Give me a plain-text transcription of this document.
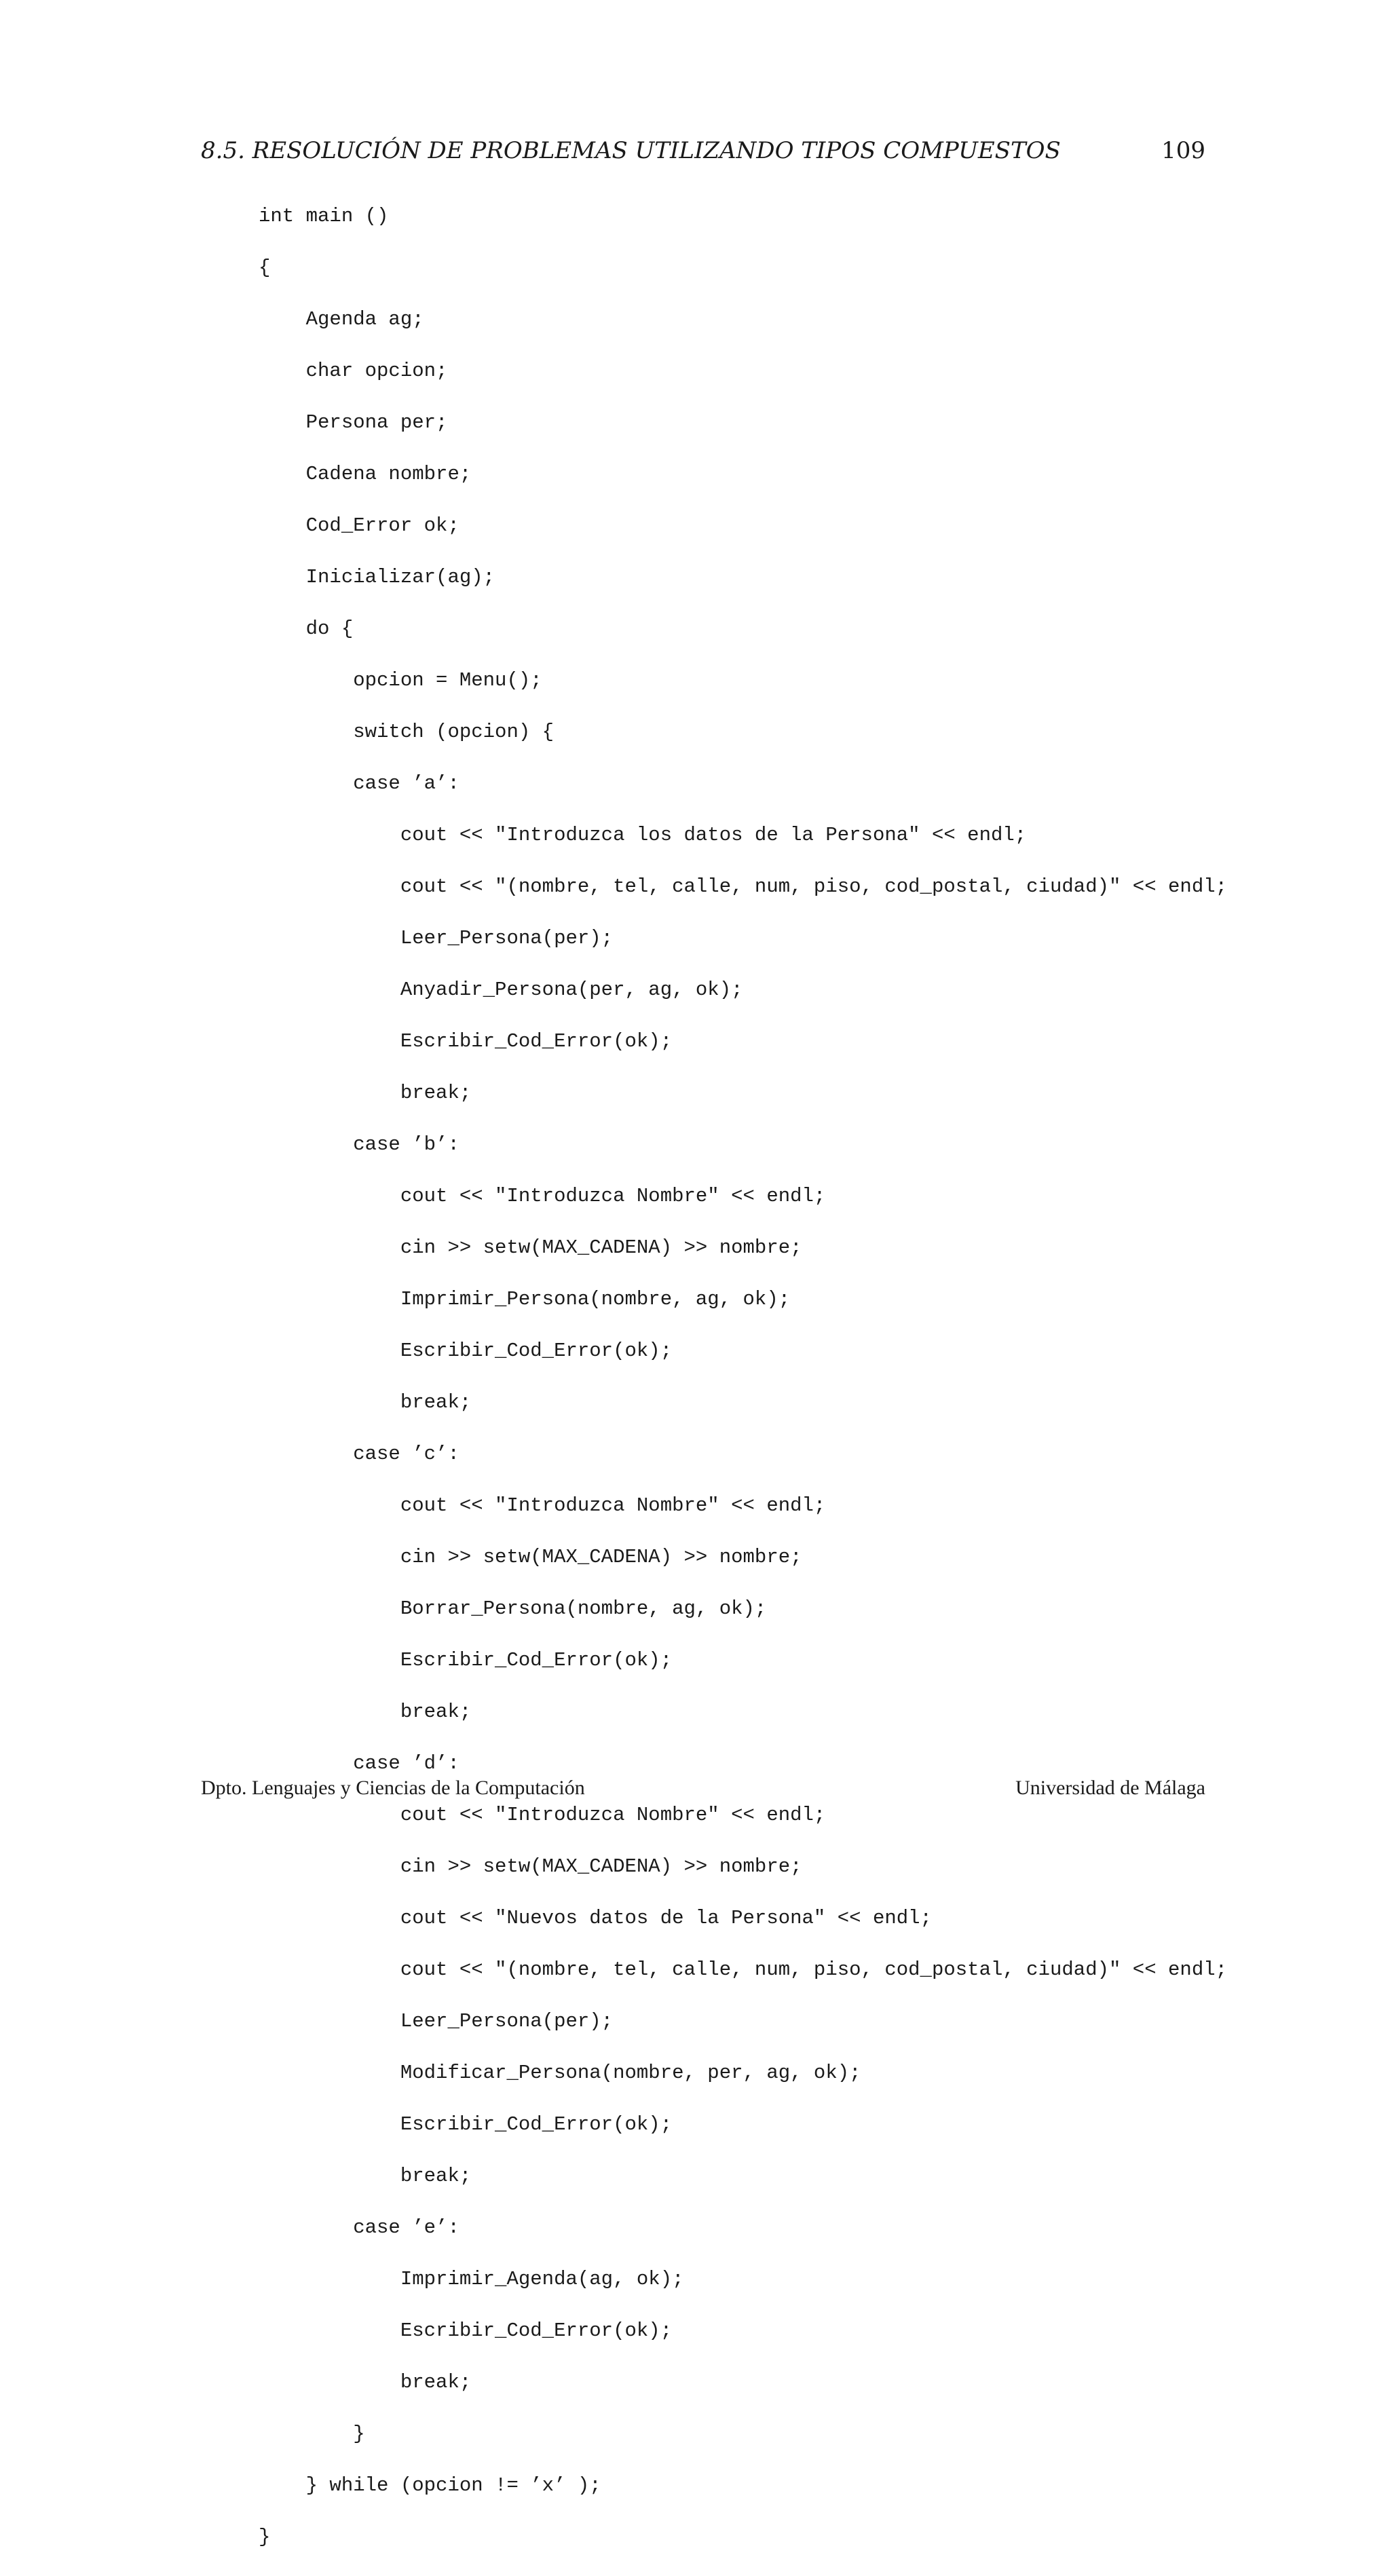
8.5. RESOLUCIÓN DE PROBLEMAS UTILIZANDO TIPOS COMPUESTOS	109
int main ()

{

Agenda ag;

char opcion;

Persona per;

Cadena nombre;

Cod_Error ok;

Inicializar(ag);

do {

opcion = Menu();

switch (opcion) {

case ’a’:

cout << "Introduzca los datos de la Persona" << endl;

cout << "(nombre, tel, calle, num, piso, cod_postal, ciudad)" << endl;

Leer_Persona(per);

Anyadir_Persona(per, ag, ok);

Escribir_Cod_Error(ok);

break;

case ’b’:

cout << "Introduzca Nombre" << endl;

cin >> setw(MAX_CADENA) >> nombre;

Imprimir_Persona(nombre, ag, ok);

Escribir_Cod_Error(ok);

break;

case ’c’:

cout << "Introduzca Nombre" << endl;

cin >> setw(MAX_CADENA) >> nombre;

Borrar_Persona(nombre, ag, ok);

Escribir_Cod_Error(ok);

break;

case ’d’:

cout << "Introduzca Nombre" << endl;

cin >> setw(MAX_CADENA) >> nombre;

cout << "Nuevos datos de la Persona" << endl;

cout << "(nombre, tel, calle, num, piso, cod_postal, ciudad)" << endl;

Leer_Persona(per);

Modificar_Persona(nombre, per, ag, ok);

Escribir_Cod_Error(ok);

break;

case ’e’:

Imprimir_Agenda(ag, ok);

Escribir_Cod_Error(ok);

break;

}

} while (opcion != ’x’ );

}

Dpto. Lenguajes y Ciencias de la Computación	Universidad de Málaga
